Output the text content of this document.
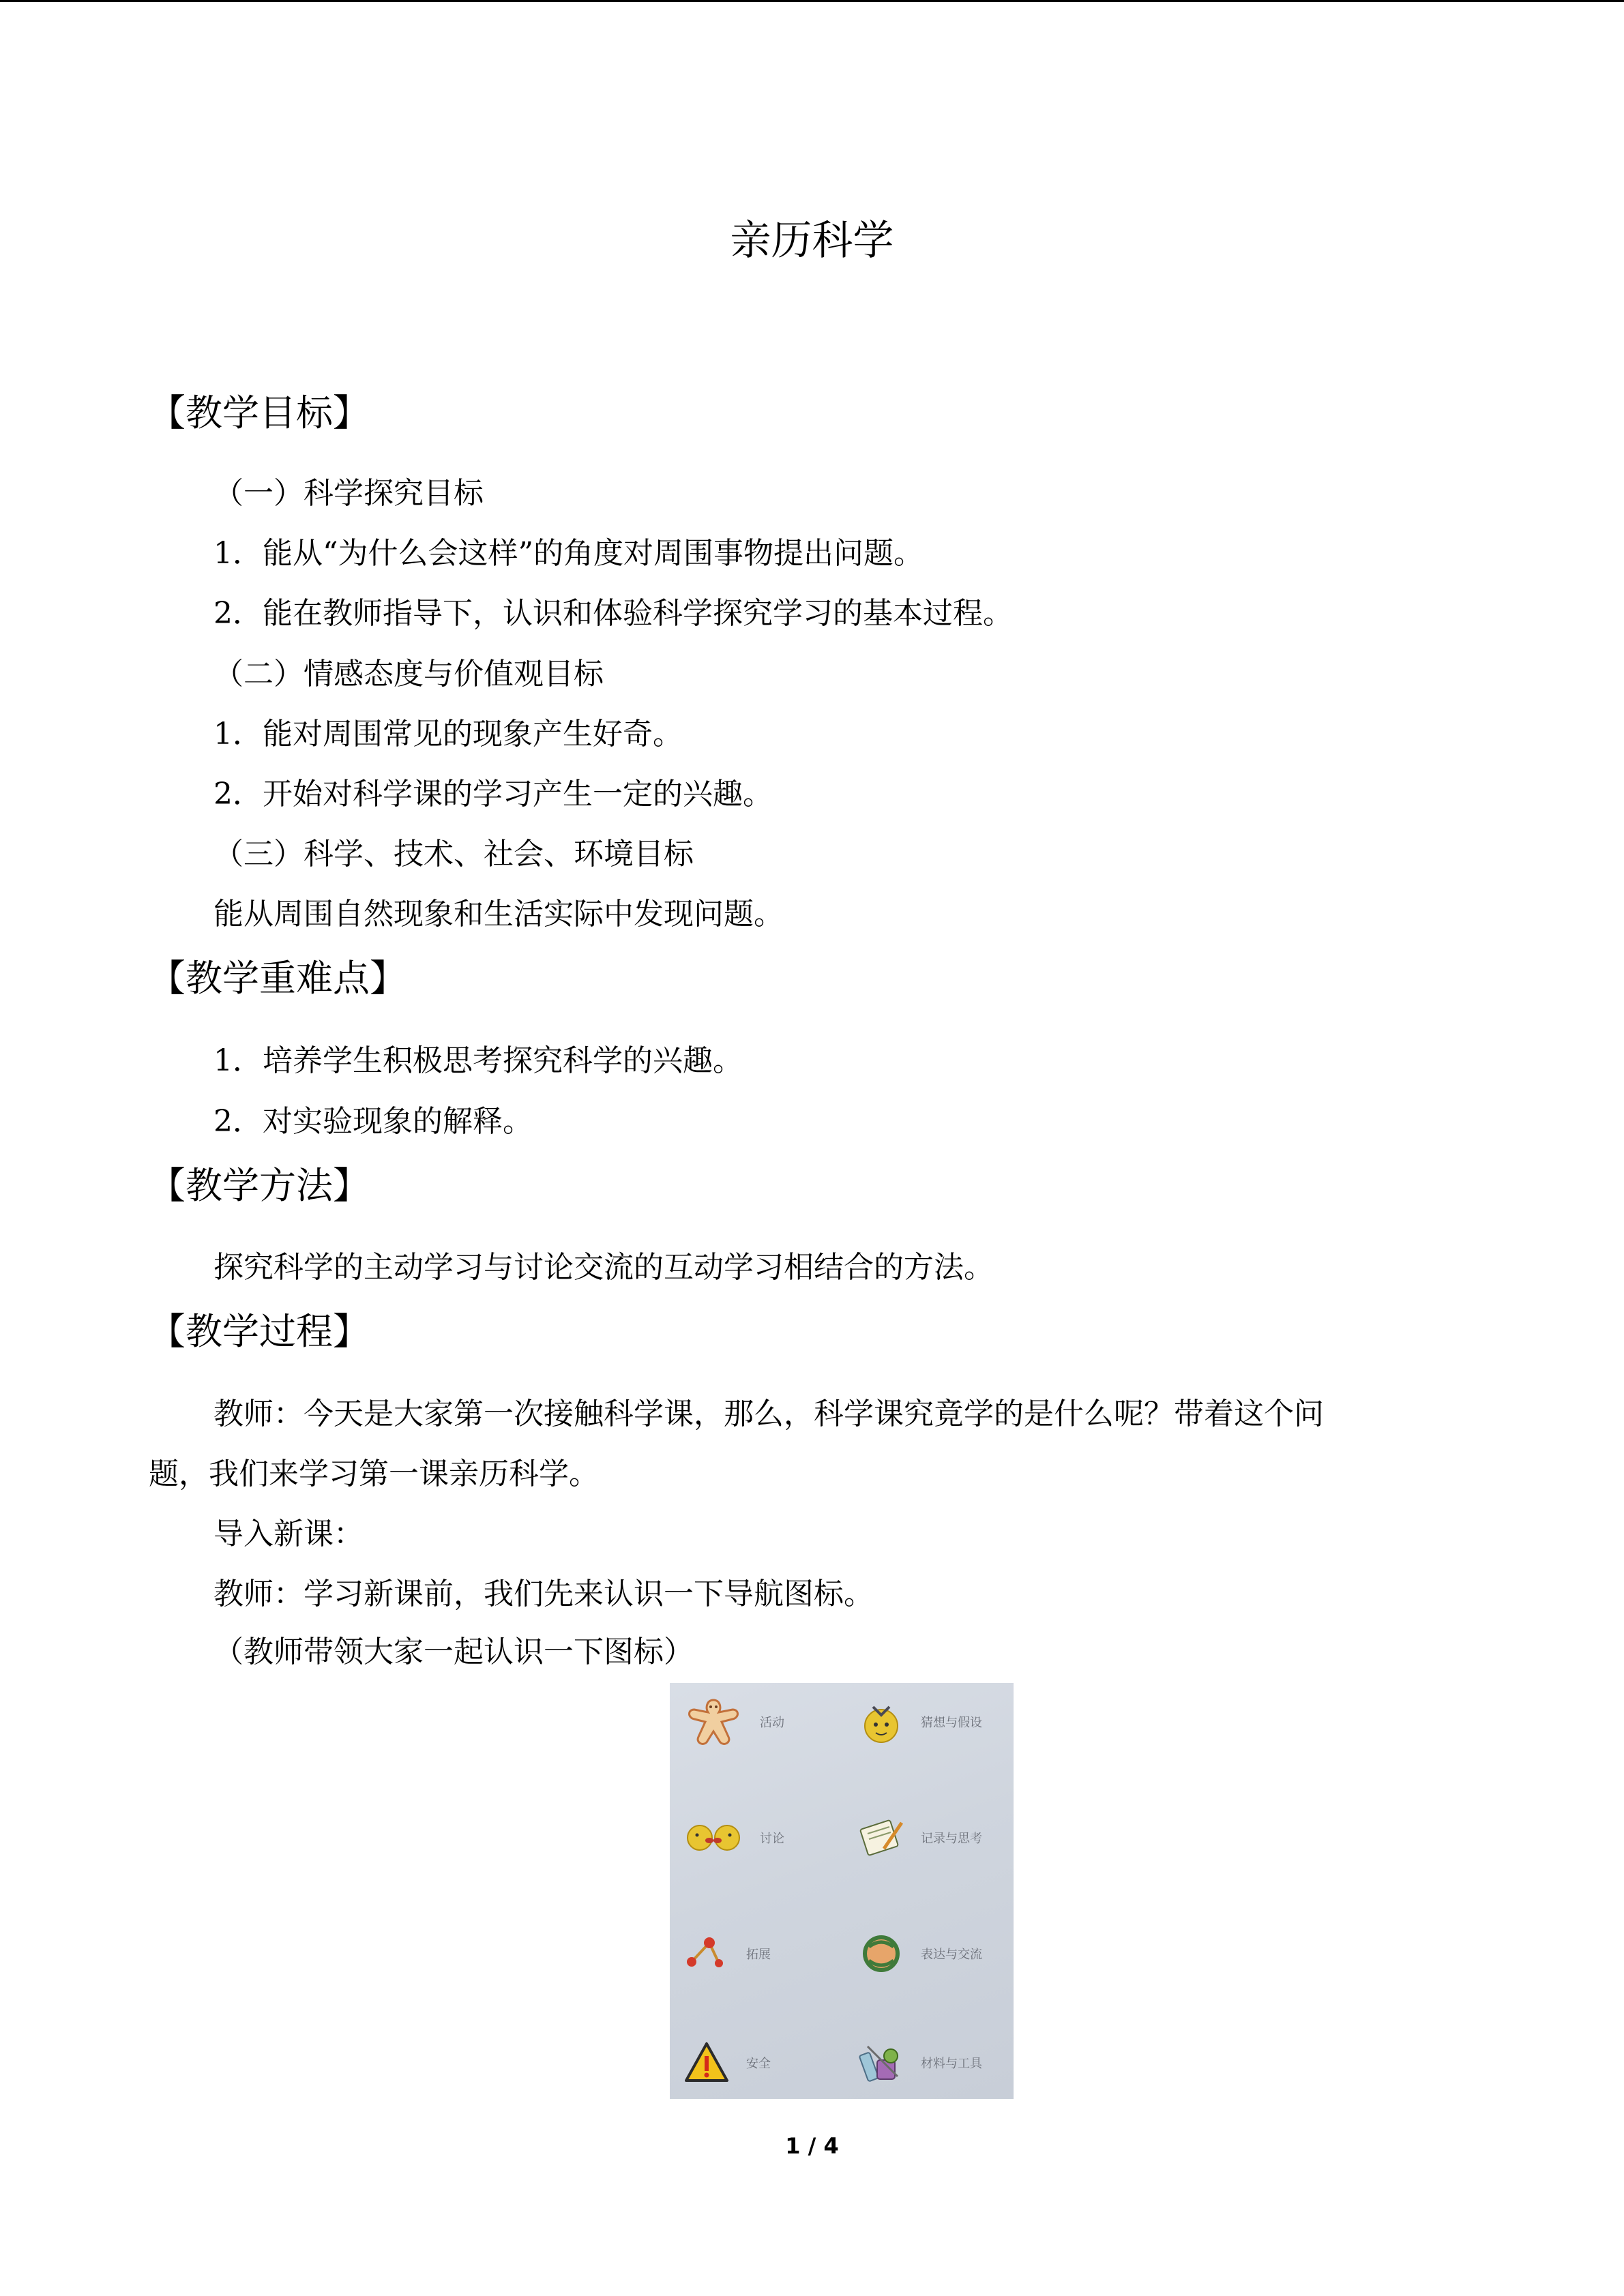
亲历科学
【教学目标】
（一）科学探究目标
1．能从“为什么会这样”的角度对周围事物提出问题。
2．能在教师指导下，认识和体验科学探究学习的基本过程。
（二）情感态度与价值观目标
1．能对周围常见的现象产生好奇。
2．开始对科学课的学习产生一定的兴趣。
（三）科学、技术、社会、环境目标
能从周围自然现象和生活实际中发现问题。
【教学重难点】
1．培养学生积极思考探究科学的兴趣。
2．对实验现象的解释。
【教学方法】
探究科学的主动学习与讨论交流的互动学习相结合的方法。
【教学过程】
教师：今天是大家第一次接触科学课，那么，科学课究竟学的是什么呢？带着这个问
题，我们来学习第一课亲历科学。
导入新课：
教师：学习新课前，我们先来认识一下导航图标。
（教师带领大家一起认识一下图标）
活动	猜想与假设
讨论	记录与思考
拓展	表达与交流
安全	材料与工具
1 / 4
